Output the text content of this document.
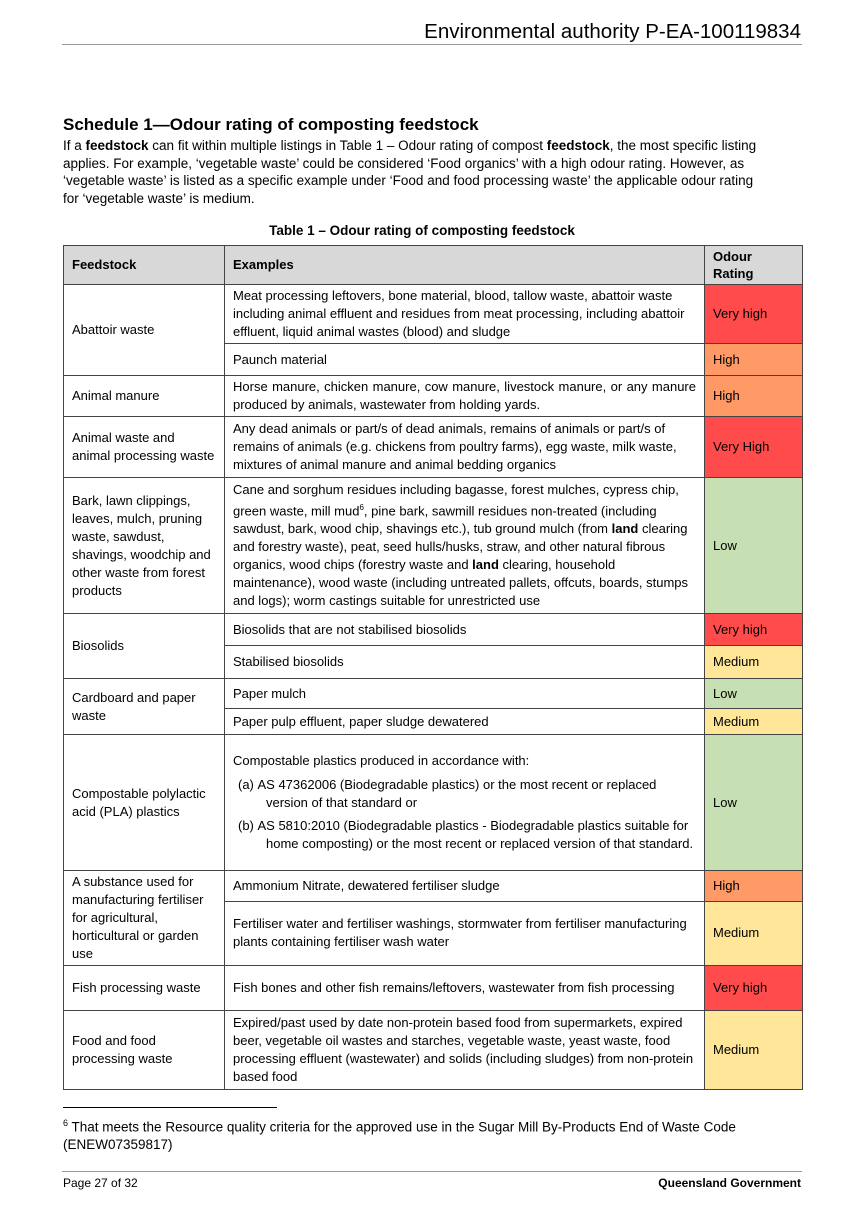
Environmental authority P-EA-100119834
Schedule 1—Odour rating of composting feedstock
If a feedstock can fit within multiple listings in Table 1 – Odour rating of compost feedstock, the most specific listing applies. For example, ‘vegetable waste’ could be considered ‘Food organics’ with a high odour rating. However, as ‘vegetable waste’ is listed as a specific example under ‘Food and food processing waste’ the applicable odour rating for ‘vegetable waste’ is medium.
Table 1 – Odour rating of composting feedstock
Feedstock	Examples	Odour Rating
Abattoir waste	Meat processing leftovers, bone material, blood, tallow waste, abattoir waste including animal effluent and residues from meat processing, including abattoir effluent, liquid animal wastes (blood) and sludge	Very high
	Paunch material	High
Animal manure	Horse manure, chicken manure, cow manure, livestock manure, or any manure produced by animals, wastewater from holding yards.	High
Animal waste and animal processing waste	Any dead animals or part/s of dead animals, remains of animals or part/s of remains of animals (e.g. chickens from poultry farms), egg waste, milk waste, mixtures of animal manure and animal bedding organics	Very High
Bark, lawn clippings, leaves, mulch, pruning waste, sawdust, shavings, woodchip and other waste from forest products	Cane and sorghum residues including bagasse, forest mulches, cypress chip, green waste, mill mud$^6$, pine bark, sawmill residues non-treated (including sawdust, bark, wood chip, shavings etc.), tub ground mulch (from land clearing and forestry waste), peat, seed hulls/husks, straw, and other natural fibrous organics, wood chips (forestry waste and land clearing, household maintenance), wood waste (including untreated pallets, offcuts, boards, stumps and logs); worm castings suitable for unrestricted use	Low
Biosolids	Biosolids that are not stabilised biosolids	Very high
	Stabilised biosolids	Medium
Cardboard and paper waste	Paper mulch	Low
	Paper pulp effluent, paper sludge dewatered	Medium
Compostable polylactic acid (PLA) plastics	Compostable plastics produced in accordance with:
(a) AS 47362006 (Biodegradable plastics) or the most recent or replaced version of that standard or
(b) AS 5810:2010 (Biodegradable plastics - Biodegradable plastics suitable for home composting) or the most recent or replaced version of that standard.	Low
A substance used for manufacturing fertiliser for agricultural, horticultural or garden use	Ammonium Nitrate, dewatered fertiliser sludge	High
	Fertiliser water and fertiliser washings, stormwater from fertiliser manufacturing plants containing fertiliser wash water	Medium
Fish processing waste	Fish bones and other fish remains/leftovers, wastewater from fish processing	Very high
Food and food processing waste	Expired/past used by date non-protein based food from supermarkets, expired beer, vegetable oil wastes and starches, vegetable waste, yeast waste, food processing effluent (wastewater) and solids (including sludges) from non-protein based food	Medium
$^6$ That meets the Resource quality criteria for the approved use in the Sugar Mill By-Products End of Waste Code (ENEW07359817)
Page 27 of 32	Queensland Government
